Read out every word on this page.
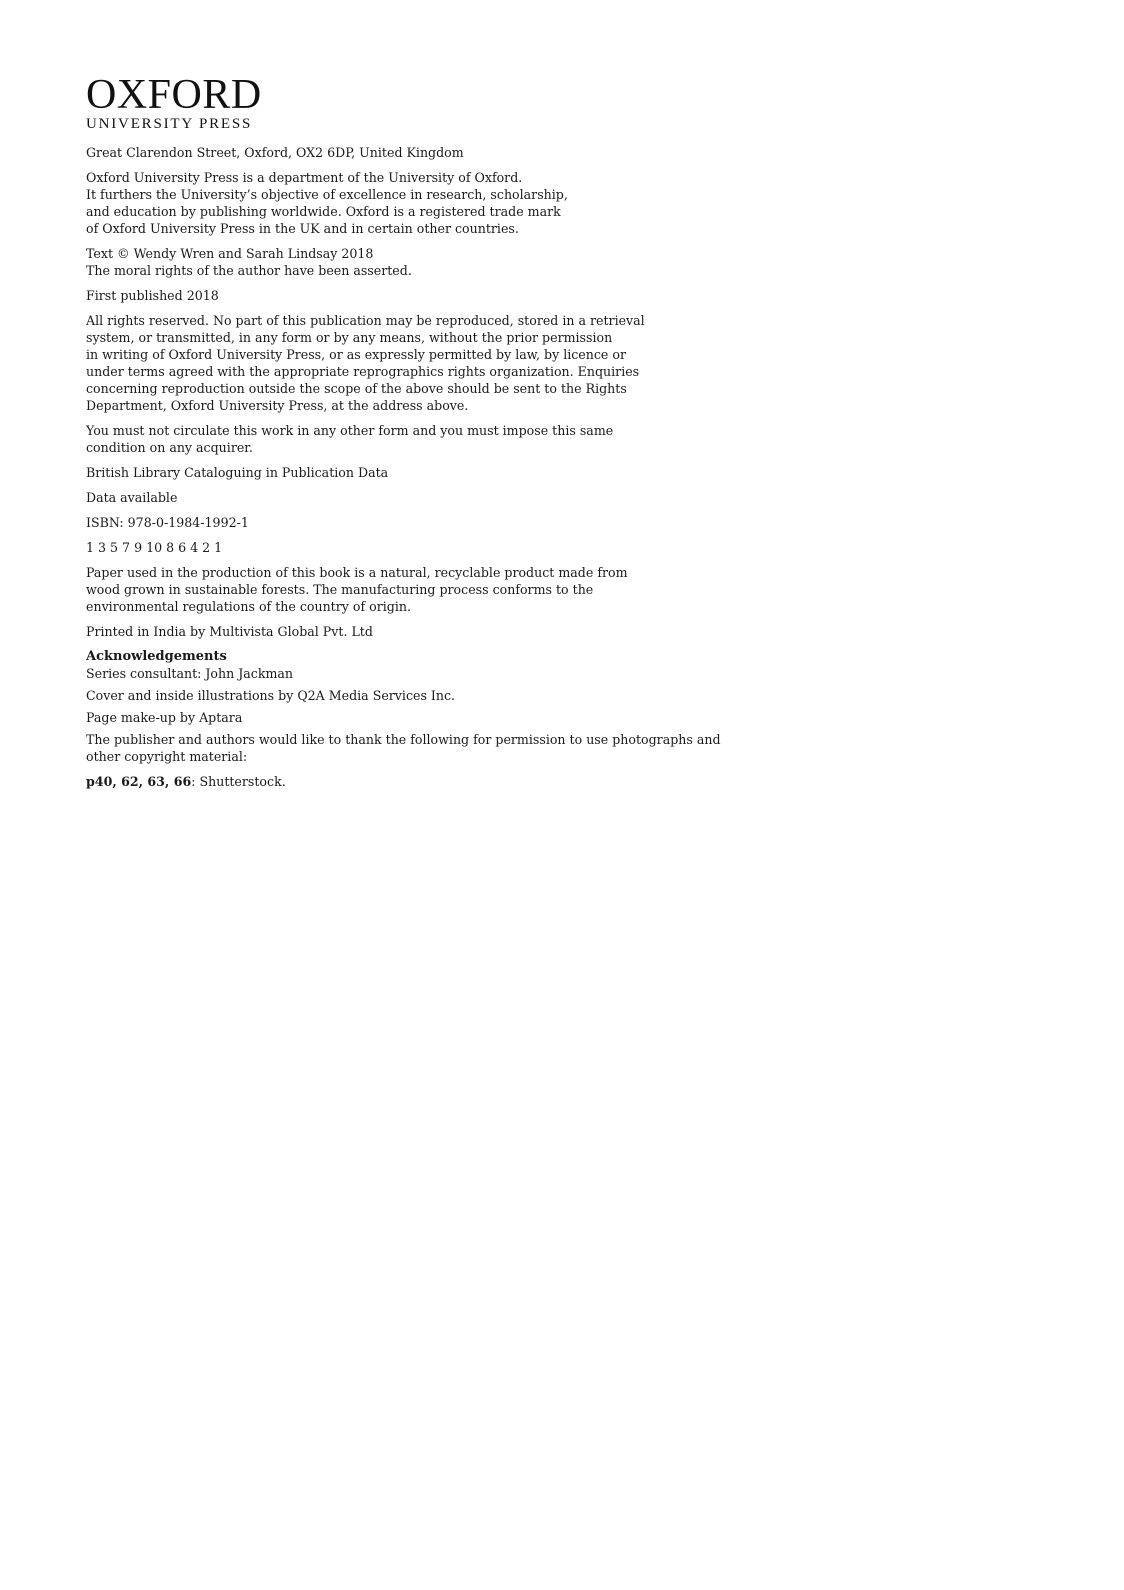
OXFORD
UNIVERSITY PRESS

Great Clarendon Street, Oxford, OX2 6DP, United Kingdom

Oxford University Press is a department of the University of Oxford.
It furthers the University’s objective of excellence in research, scholarship,
and education by publishing worldwide. Oxford is a registered trade mark
of Oxford University Press in the UK and in certain other countries.

Text © Wendy Wren and Sarah Lindsay 2018
The moral rights of the author have been asserted.

First published 2018

All rights reserved. No part of this publication may be reproduced, stored in a retrieval
system, or transmitted, in any form or by any means, without the prior permission
in writing of Oxford University Press, or as expressly permitted by law, by licence or
under terms agreed with the appropriate reprographics rights organization. Enquiries
concerning reproduction outside the scope of the above should be sent to the Rights
Department, Oxford University Press, at the address above.

You must not circulate this work in any other form and you must impose this same
condition on any acquirer.

British Library Cataloguing in Publication Data

Data available

ISBN: 978-0-1984-1992-1

1 3 5 7 9 10 8 6 4 2 1

Paper used in the production of this book is a natural, recyclable product made from
wood grown in sustainable forests. The manufacturing process conforms to the
environmental regulations of the country of origin.

Printed in India by Multivista Global Pvt. Ltd

Acknowledgements
Series consultant: John Jackman

Cover and inside illustrations by Q2A Media Services Inc.

Page make-up by Aptara

The publisher and authors would like to thank the following for permission to use photographs and
other copyright material:

p40, 62, 63, 66: Shutterstock.
